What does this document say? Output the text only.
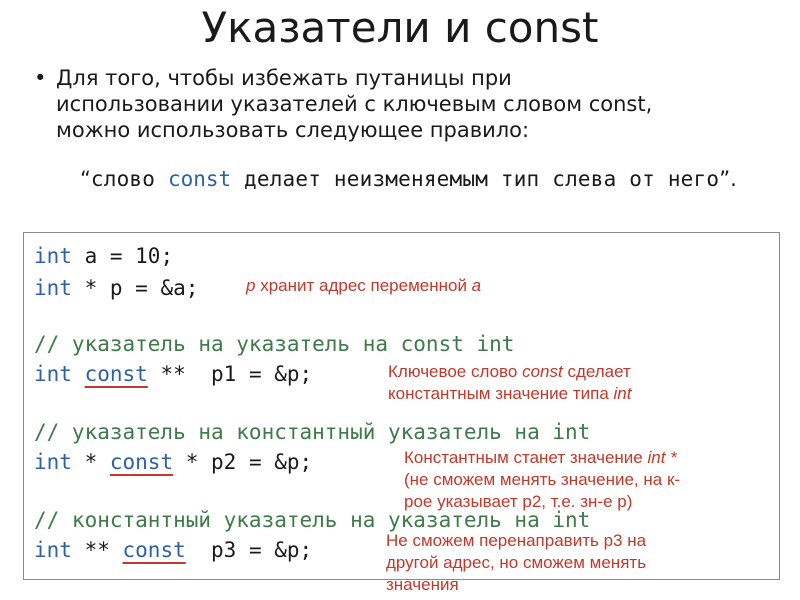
Указатели и const
• Для того, чтобы избежать путаницы при
использовании указателей с ключевым словом const,
можно использовать следующее правило:
“слово const делает неизменяемым тип слева от него”.
int a = 10;
int * p = &a;
// указатель на указатель на const int
int const **  p1 = &p;
// указатель на константный указатель на int
int * const * p2 = &p;
// константный указатель на указатель на int
int ** const  p3 = &p;
p хранит адрес переменной a
Ключевое слово const сделает
константным значение типа int
Константным станет значение int *
(не сможем менять значение, на к-
рое указывает p2, т.е. зн-е p)
Не сможем перенаправить p3 на
другой адрес, но сможем менять
значения
